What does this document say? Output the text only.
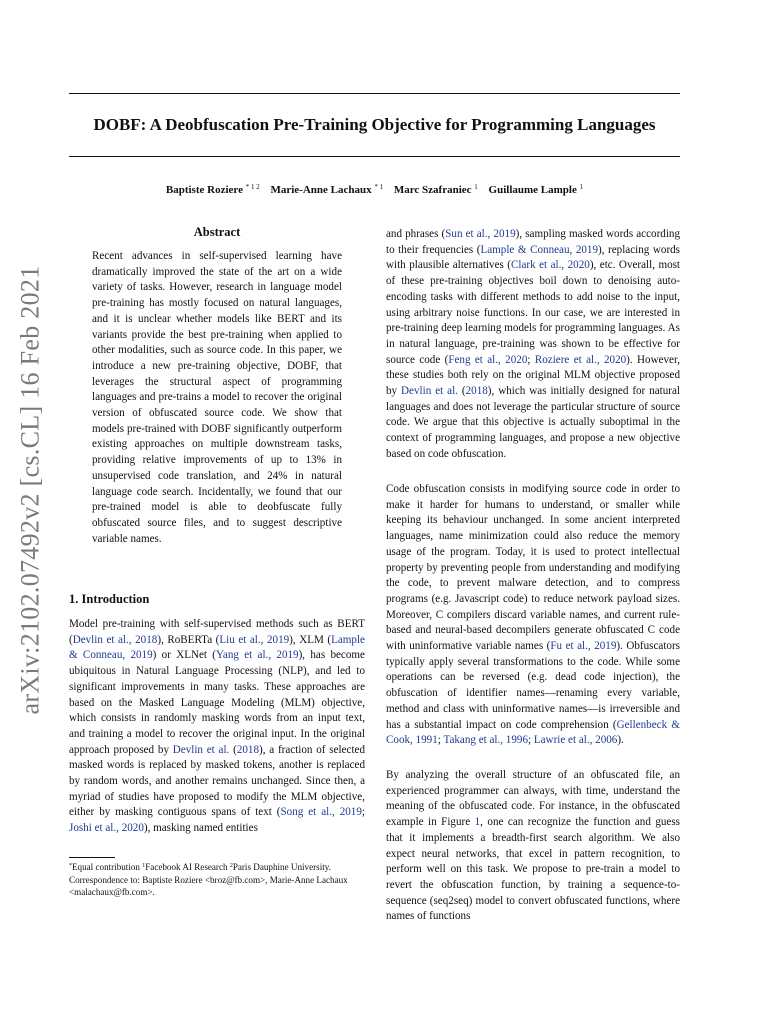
arXiv:2102.07492v2 [cs.CL] 16 Feb 2021
DOBF: A Deobfuscation Pre-Training Objective for Programming Languages
Baptiste Roziere $^{* 1 2}$ Marie-Anne Lachaux $^{* 1}$ Marc Szafraniec $^1$ Guillaume Lample $^1$
Abstract
Recent advances in self-supervised learning have dramatically improved the state of the art on a wide variety of tasks. However, research in language model pre-training has mostly focused on natural languages, and it is unclear whether models like BERT and its variants provide the best pre-training when applied to other modalities, such as source code. In this paper, we introduce a new pre-training objective, DOBF, that leverages the structural aspect of programming languages and pre-trains a model to recover the original version of obfuscated source code. We show that models pre-trained with DOBF significantly outperform existing approaches on multiple downstream tasks, providing relative improvements of up to 13% in unsupervised code translation, and 24% in natural language code search. Incidentally, we found that our pre-trained model is able to deobfuscate fully obfuscated source files, and to suggest descriptive variable names.
1. Introduction
Model pre-training with self-supervised methods such as BERT (Devlin et al., 2018), RoBERTa (Liu et al., 2019), XLM (Lample & Conneau, 2019) or XLNet (Yang et al., 2019), has become ubiquitous in Natural Language Processing (NLP), and led to significant improvements in many tasks. These approaches are based on the Masked Language Modeling (MLM) objective, which consists in randomly masking words from an input text, and training a model to recover the original input. In the original approach proposed by Devlin et al. (2018), a fraction of selected masked words is replaced by masked tokens, another is replaced by random words, and another remains unchanged. Since then, a myriad of studies have proposed to modify the MLM objective, either by masking contiguous spans of text (Song et al., 2019; Joshi et al., 2020), masking named entities

*Equal contribution $^1$Facebook AI Research $^2$Paris Dauphine University. Correspondence to: Baptiste Roziere <broz@fb.com>, Marie-Anne Lachaux <malachaux@fb.com>.

and phrases (Sun et al., 2019), sampling masked words according to their frequencies (Lample & Conneau, 2019), replacing words with plausible alternatives (Clark et al., 2020), etc. Overall, most of these pre-training objectives boil down to denoising auto-encoding tasks with different methods to add noise to the input, using arbitrary noise functions. In our case, we are interested in pre-training deep learning models for programming languages. As in natural language, pre-training was shown to be effective for source code (Feng et al., 2020; Roziere et al., 2020). However, these studies both rely on the original MLM objective proposed by Devlin et al. (2018), which was initially designed for natural languages and does not leverage the particular structure of source code. We argue that this objective is actually suboptimal in the context of programming languages, and propose a new objective based on code obfuscation.
Code obfuscation consists in modifying source code in order to make it harder for humans to understand, or smaller while keeping its behaviour unchanged. In some ancient interpreted languages, name minimization could also reduce the memory usage of the program. Today, it is used to protect intellectual property by preventing people from understanding and modifying the code, to prevent malware detection, and to compress programs (e.g. Javascript code) to reduce network payload sizes. Moreover, C compilers discard variable names, and current rule-based and neural-based decompilers generate obfuscated C code with uninformative variable names (Fu et al., 2019). Obfuscators typically apply several transformations to the code. While some operations can be reversed (e.g. dead code injection), the obfuscation of identifier names—renaming every variable, method and class with uninformative names—is irreversible and has a substantial impact on code comprehension (Gellenbeck & Cook, 1991; Takang et al., 1996; Lawrie et al., 2006).
By analyzing the overall structure of an obfuscated file, an experienced programmer can always, with time, understand the meaning of the obfuscated code. For instance, in the obfuscated example in Figure 1, one can recognize the function and guess that it implements a breadth-first search algorithm. We also expect neural networks, that excel in pattern recognition, to perform well on this task. We propose to pre-train a model to revert the obfuscation function, by training a sequence-to-sequence (seq2seq) model to convert obfuscated functions, where names of functions
